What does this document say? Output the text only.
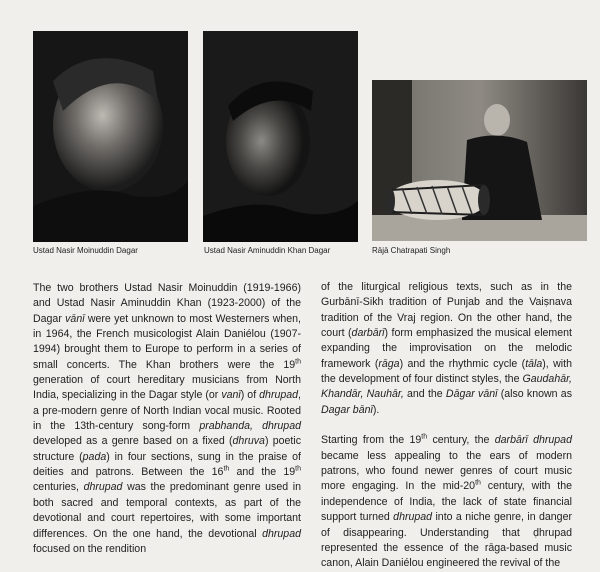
Ustad Nasir Moinuddin Dagar	Ustad Nasir Aminuddin Khan Dagar	Rājā Chatrapati Singh

The two brothers Ustad Nasir Moinuddin (1919-1966) and Ustad Nasir Aminuddin Khan (1923-2000) of the Dagar vānī were yet unknown to most Westerners when, in 1964, the French musicologist Alain Daniélou (1907-1994) brought them to Europe to perform in a series of small concerts. The Khan brothers were the 19th generation of court hereditary musicians from North India, specializing in the Dagar style (or vanī) of dhrupad, a pre-modern genre of North Indian vocal music. Rooted in the 13th-century song-form prabhanda, dhrupad developed as a genre based on a fixed (dhruva) poetic structure (pada) in four sections, sung in the praise of deities and patrons. Between the 16th and the 19th centuries, dhrupad was the predominant genre used in both sacred and temporal contexts, as part of the devotional and court repertoires, with some important differences. On the one hand, the devotional dhrupad focused on the rendition

of the liturgical religious texts, such as in the Gurbānī-Sikh tradition of Punjab and the Vaiṣnava tradition of the Vraj region. On the other hand, the court (darbārī) form emphasized the musical element expanding the improvisation on the melodic framework (rāga) and the rhythmic cycle (tāla), with the development of four distinct styles, the Gaudahār, Khandār, Nauhār, and the Dāgar vānī (also known as Dagar bānī).

Starting from the 19th century, the darbārī dhrupad became less appealing to the ears of modern patrons, who found newer genres of court music more engaging. In the mid-20th century, with the independence of India, the lack of state financial support turned dhrupad into a niche genre, in danger of disappearing. Understanding that ḍhrupad represented the essence of the rāga-based music canon, Alain Daniélou engineered the revival of the
